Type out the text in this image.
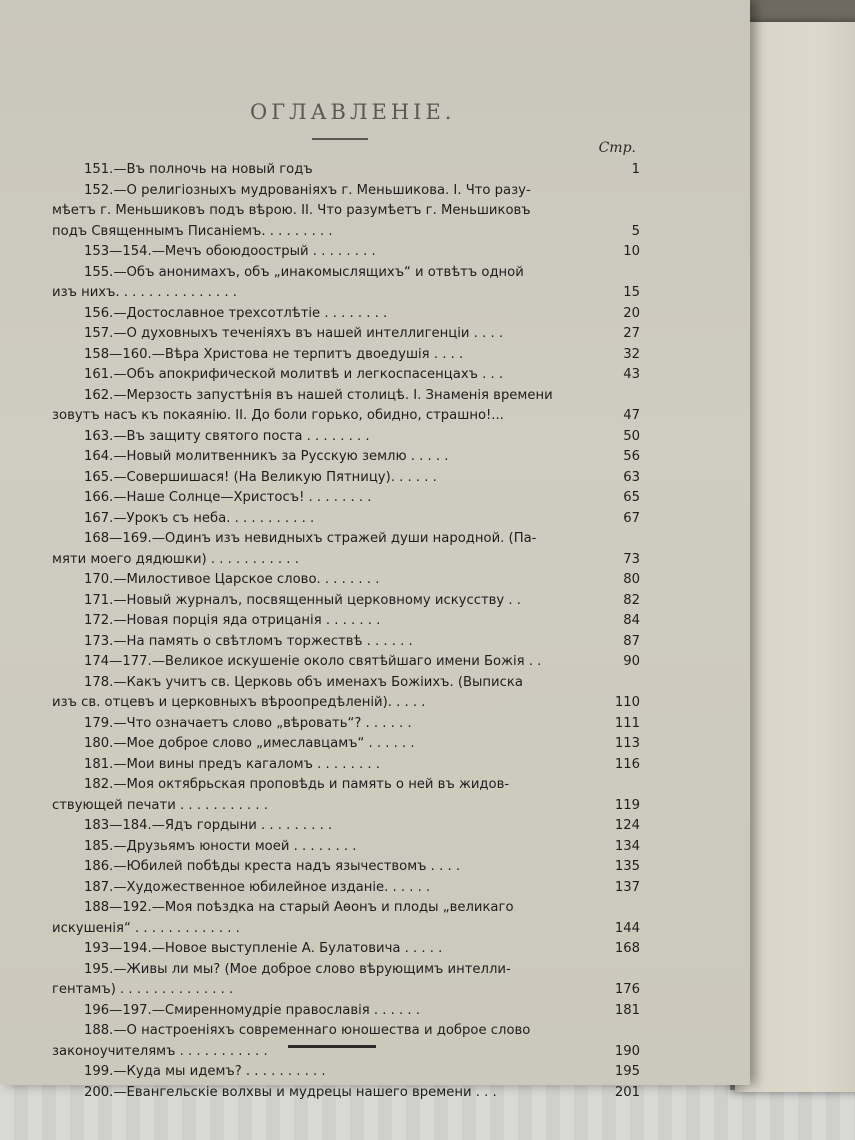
ОГЛАВЛЕНІЕ.
Стр.
151.—Въ полночь на новый годъ	1
152.—О религіозныхъ мудрованіяхъ г. Меньшикова. I. Что разу-
мѣетъ г. Меньшиковъ подъ вѣрою. II. Что разумѣетъ г. Меньшиковъ
подъ Священнымъ Писаніемъ. . . . . . . . .	5
153—154.—Мечъ обоюдоострый . . . . . . . .	10
155.—Объ анонимахъ, объ „инакомыслящихъ“ и отвѣтъ одной
изъ нихъ. . . . . . . . . . . . . . .	15
156.—Достославное трехсотлѣтіе . . . . . . . .	20
157.—О духовныхъ теченіяхъ въ нашей интеллигенціи . . . .	27
158—160.—Вѣра Христова не терпитъ двоедушія . . . .	32
161.—Объ апокрифической молитвѣ и легкоспасенцахъ . . .	43
162.—Мерзость запустѣнія въ нашей столицѣ. I. Знаменія времени
зовутъ насъ къ покаянію. II. До боли горько, обидно, страшно!...	47
163.—Въ защиту святого поста . . . . . . . .	50
164.—Новый молитвенникъ за Русскую землю . . . . .	56
165.—Совершишася! (На Великую Пятницу). . . . . .	63
166.—Наше Солнце—Христосъ! . . . . . . . .	65
167.—Урокъ съ неба. . . . . . . . . . .	67
168—169.—Одинъ изъ невидныхъ стражей души народной. (Па-
мяти моего дядюшки) . . . . . . . . . . .	73
170.—Милостивое Царское слово. . . . . . . .	80
171.—Новый журналъ, посвященный церковному искусству . .	82
172.—Новая порція яда отрицанія . . . . . . .	84
173.—На память о свѣтломъ торжествѣ . . . . . .	87
174—177.—Великое искушеніе около святѣйшаго имени Божія . .	90
178.—Какъ учитъ св. Церковь объ именахъ Божіихъ. (Выписка
изъ св. отцевъ и церковныхъ вѣроопредѣленій). . . . .	110
179.—Что означаетъ слово „вѣровать“? . . . . . .	111
180.—Мое доброе слово „имеславцамъ“ . . . . . .	113
181.—Мои вины предъ кагаломъ . . . . . . . .	116
182.—Моя октябрьская проповѣдь и память о ней въ жидов-
ствующей печати . . . . . . . . . . .	119
183—184.—Ядъ гордыни . . . . . . . . .	124
185.—Друзьямъ юности моей . . . . . . . .	134
186.—Юбилей побѣды креста надъ язычествомъ . . . .	135
187.—Художественное юбилейное изданіе. . . . . .	137
188—192.—Моя поѣздка на старый Аѳонъ и плоды „великаго
искушенія“ . . . . . . . . . . . . .	144
193—194.—Новое выступленіе А. Булатовича . . . . .	168
195.—Живы ли мы? (Мое доброе слово вѣрующимъ интелли-
гентамъ) . . . . . . . . . . . . . .	176
196—197.—Смиренномудріе православія . . . . . .	181
188.—О настроеніяхъ современнаго юношества и доброе слово
законоучителямъ . . . . . . . . . . .	190
199.—Куда мы идемъ? . . . . . . . . . .	195
200.—Евангельскіе волхвы и мудрецы нашего времени . . .	201
